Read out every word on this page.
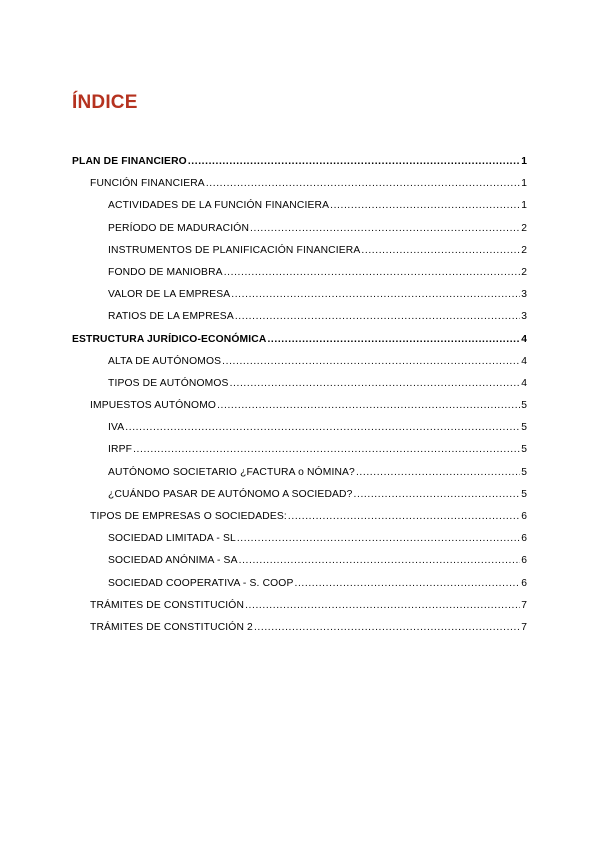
ÍNDICE
PLAN DE FINANCIERO .....	1
FUNCIÓN FINANCIERA .....	1
ACTIVIDADES DE LA FUNCIÓN FINANCIERA .....	1
PERÍODO DE MADURACIÓN .....	2
INSTRUMENTOS DE PLANIFICACIÓN FINANCIERA .....	2
FONDO DE MANIOBRA .....	2
VALOR DE LA EMPRESA .....	3
RATIOS DE LA EMPRESA .....	3
ESTRUCTURA JURÍDICO-ECONÓMICA .....	4
ALTA DE AUTÓNOMOS .....	4
TIPOS DE AUTÓNOMOS .....	4
IMPUESTOS AUTÓNOMO .....	5
IVA .....	5
IRPF .....	5
AUTÓNOMO SOCIETARIO ¿FACTURA o NÓMINA? .....	5
¿CUÁNDO PASAR DE AUTÓNOMO A SOCIEDAD? .....	5
TIPOS DE EMPRESAS O SOCIEDADES: .....	6
SOCIEDAD LIMITADA - SL .....	6
SOCIEDAD ANÓNIMA - SA .....	6
SOCIEDAD COOPERATIVA - S. COOP .....	6
TRÁMITES DE CONSTITUCIÓN .....	7
TRÁMITES DE CONSTITUCIÓN 2 .....	7
